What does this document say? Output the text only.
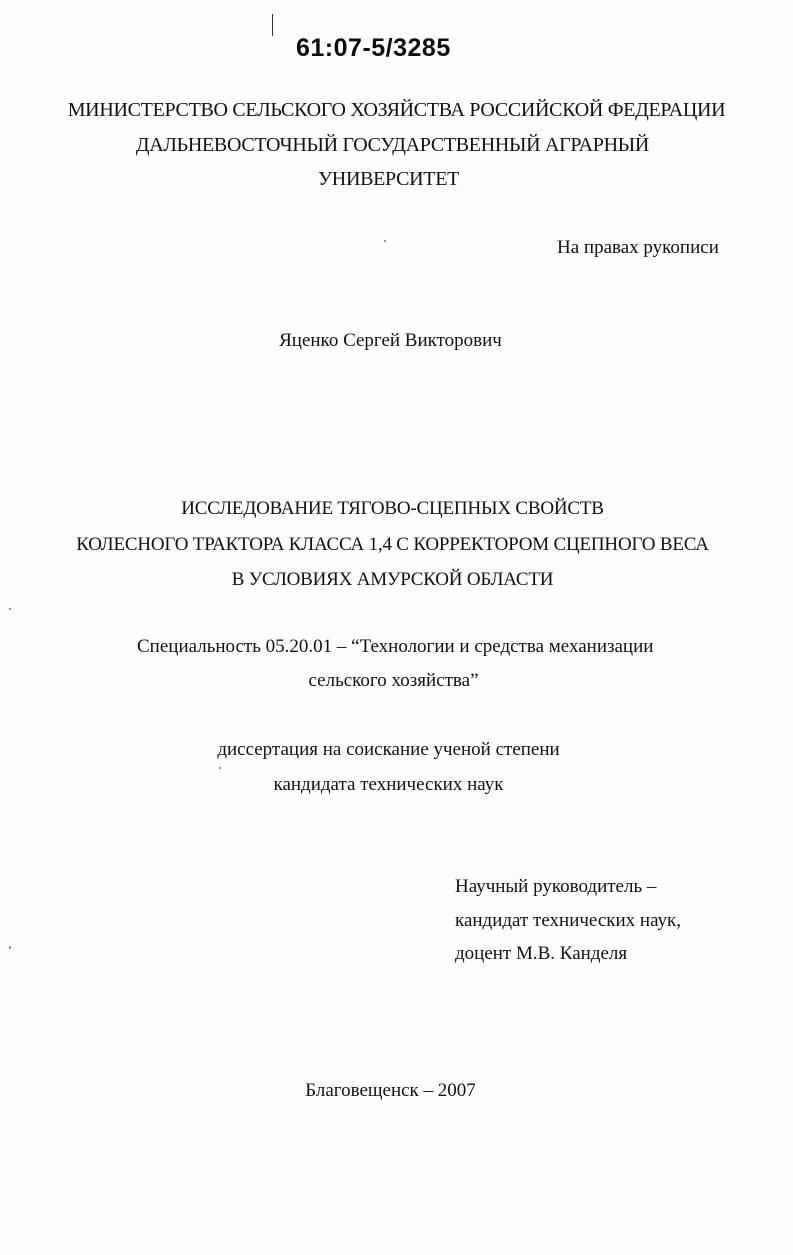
61:07-5/3285
МИНИСТЕРСТВО СЕЛЬСКОГО ХОЗЯЙСТВА РОССИЙСКОЙ ФЕДЕРАЦИИ
ДАЛЬНЕВОСТОЧНЫЙ ГОСУДАРСТВЕННЫЙ АГРАРНЫЙ
УНИВЕРСИТЕТ
На правах рукописи
Яценко Сергей Викторович
ИССЛЕДОВАНИЕ ТЯГОВО-СЦЕПНЫХ СВОЙСТВ
КОЛЕСНОГО ТРАКТОРА КЛАССА 1,4 С КОРРЕКТОРОМ СЦЕПНОГО ВЕСА
В УСЛОВИЯХ АМУРСКОЙ ОБЛАСТИ
Специальность 05.20.01 – “Технологии и средства механизации
сельского хозяйства”
диссертация на соискание ученой степени
кандидата технических наук
Научный руководитель –
кандидат технических наук,
доцент М.В. Канделя
Благовещенск – 2007
